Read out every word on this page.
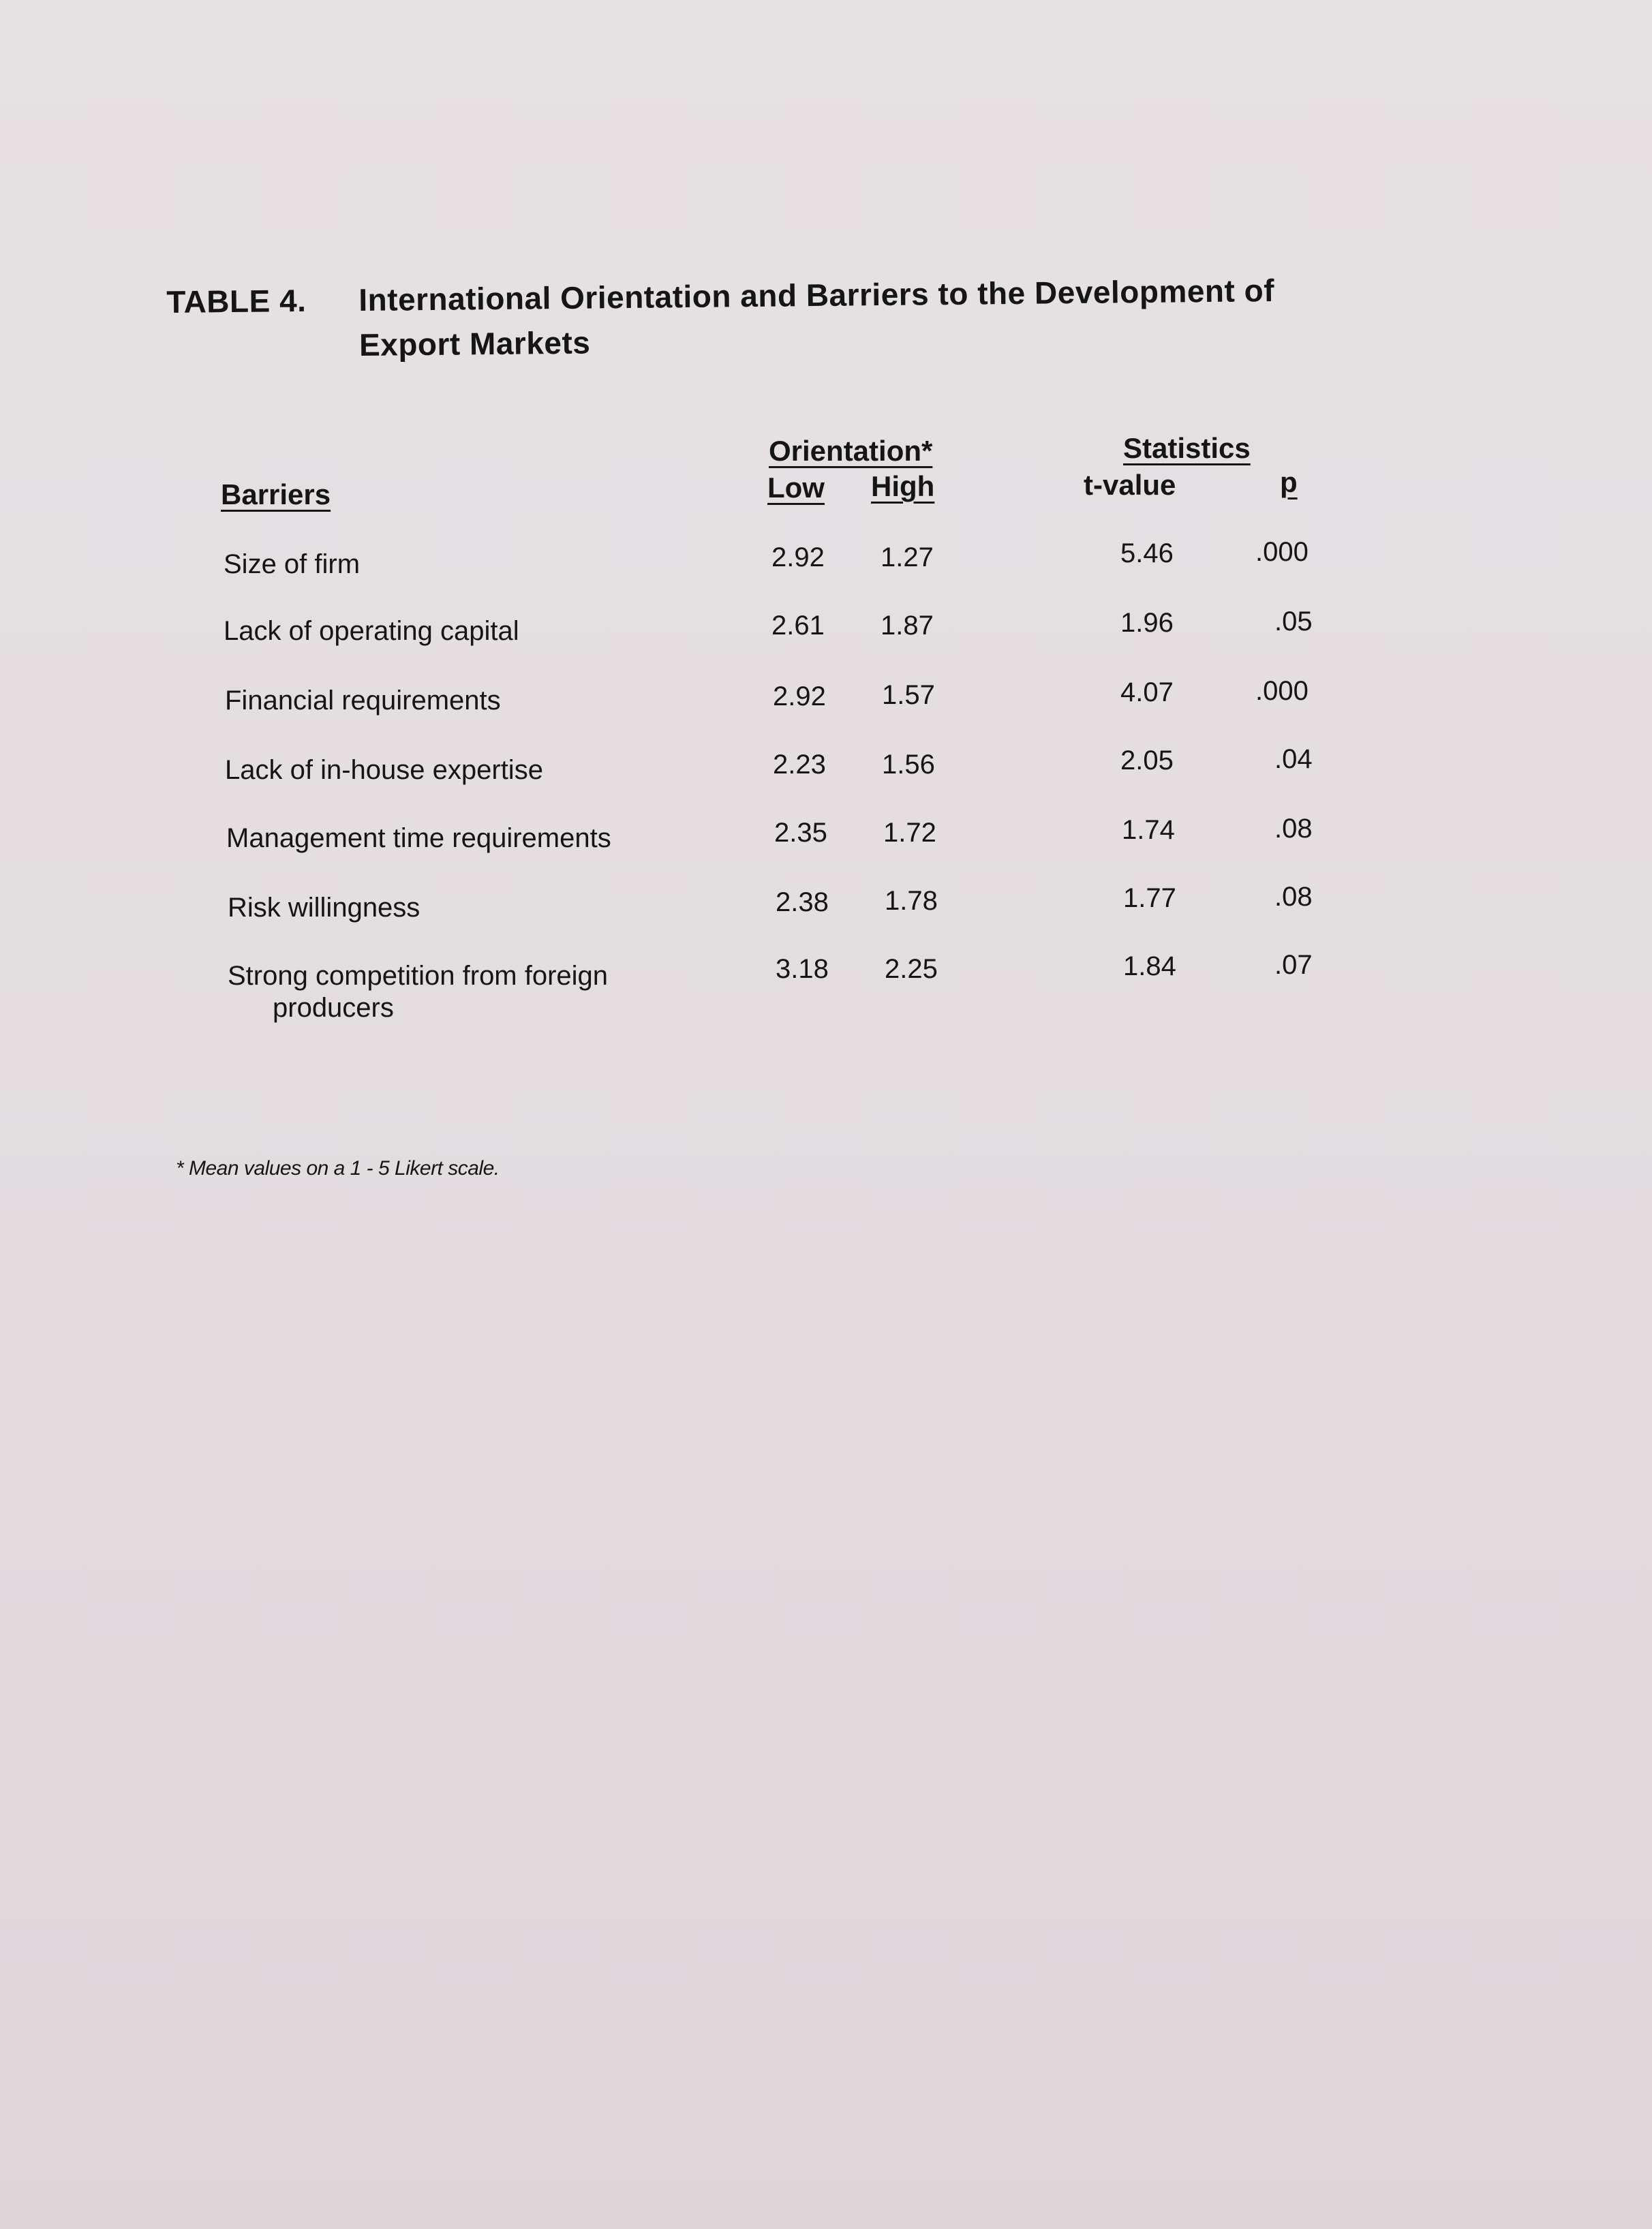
TABLE 4. International Orientation and Barriers to the Development of
Export Markets
Orientation*
Low High
Statistics
t-value	p
Barriers
Size of firm	2.92 1.27	5.46	.000
Lack of operating capital	2.61 1.87	1.96	.05
Financial requirements	2.92 1.57	4.07	.000
Lack of in-house expertise	2.23 1.56	2.05	.04
Management time requirements	2.35 1.72	1.74	.08
Risk willingness	2.38 1.78	1.77	.08
Strong competition from foreign
producers
3.18 2.25	1.84	.07
* Mean values on a 1 - 5 Likert scale.
